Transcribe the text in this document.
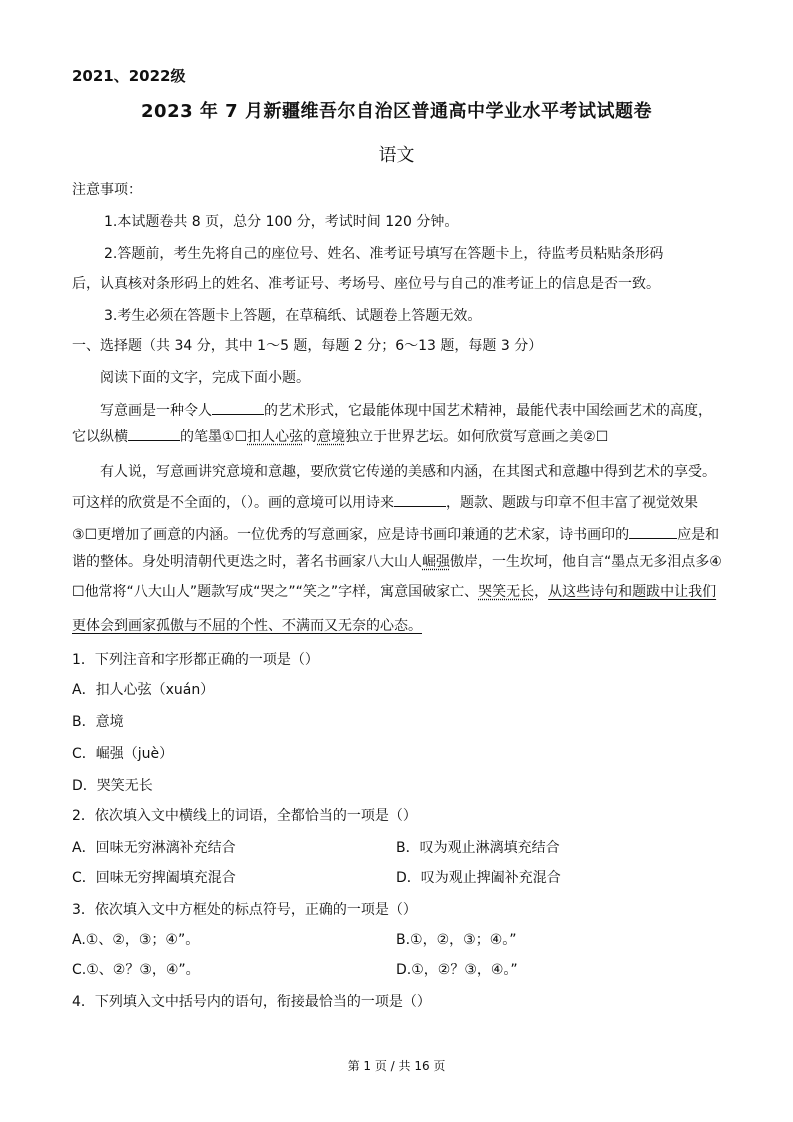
2021、2022级
2023 年 7 月新疆维吾尔自治区普通高中学业水平考试试题卷
语文
注意事项：
1.本试题卷共 8 页，总分 100 分，考试时间 120 分钟。
2.答题前，考生先将自己的座位号、姓名、准考证号填写在答题卡上，待监考员粘贴条形码
后，认真核对条形码上的姓名、准考证号、考场号、座位号与自己的准考证上的信息是否一致。
3.考生必须在答题卡上答题，在草稿纸、试题卷上答题无效。
一、选择题（共 34 分，其中 1～5 题，每题 2 分；6～13 题，每题 3 分）
阅读下面的文字，完成下面小题。
写意画是一种令人	的艺术形式，它最能体现中国艺术精神，最能代表中国绘画艺术的高度，
它以纵横	的笔墨①☐扣人心弦的意境独立于世界艺坛。如何欣赏写意画之美②☐
有人说，写意画讲究意境和意趣，要欣赏它传递的美感和内涵，在其图式和意趣中得到艺术的享受。
可这样的欣赏是不全面的，（）。画的意境可以用诗来	，题款、题跋与印章不但丰富了视觉效果
③☐更增加了画意的内涵。一位优秀的写意画家，应是诗书画印兼通的艺术家，诗书画印的	应是和
谐的整体。身处明清朝代更迭之时，著名书画家八大山人崛强傲岸，一生坎坷，他自言“墨点无多泪点多④
☐他常将“八大山人”题款写成“哭之”“笑之”字样，寓意国破家亡、哭笑无长，从这些诗句和题跋中让我们
更体会到画家孤傲与不屈的个性、不满而又无奈的心态。
1．下列注音和字形都正确的一项是（）
A．扣人心弦（xuán）
B．意境
C．崛强（juè）
D．哭笑无长
2．依次填入文中横线上的词语，全都恰当的一项是（）
A．回味无穷淋漓补充结合	B．叹为观止淋漓填充结合
C．回味无穷捭阖填充混合	D．叹为观止捭阖补充混合
3．依次填入文中方框处的标点符号，正确的一项是（）
A.①、②，③；④”。	B.①，②，③；④。”
C.①、②？③，④”。	D.①，②？③，④。”
4．下列填入文中括号内的语句，衔接最恰当的一项是（）
第 1 页 / 共 16 页
